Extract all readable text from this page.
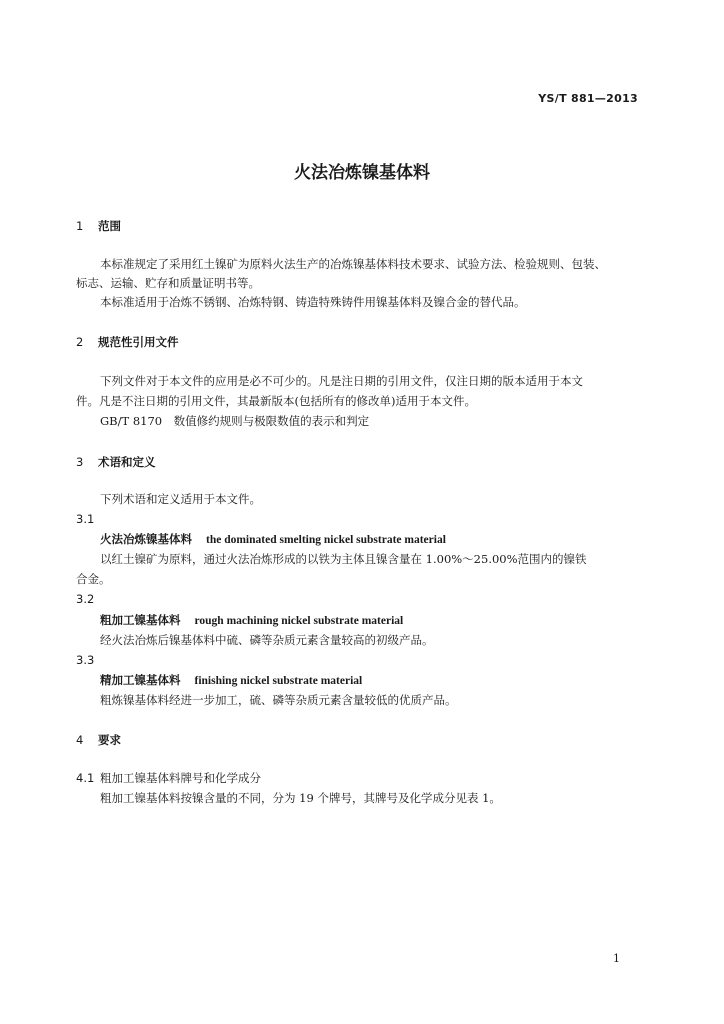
YS/T 881—2013
火法冶炼镍基体料
1 范围
本标准规定了采用红土镍矿为原料火法生产的冶炼镍基体料技术要求、试验方法、检验规则、包装、
标志、运输、贮存和质量证明书等。
本标准适用于冶炼不锈钢、冶炼特钢、铸造特殊铸件用镍基体料及镍合金的替代品。
2 规范性引用文件
下列文件对于本文件的应用是必不可少的。凡是注日期的引用文件，仅注日期的版本适用于本文
件。凡是不注日期的引用文件，其最新版本(包括所有的修改单)适用于本文件。
GB/T 8170　数值修约规则与极限数值的表示和判定
3 术语和定义
下列术语和定义适用于本文件。
3.1
火法冶炼镍基体料 the dominated smelting nickel substrate material
以红土镍矿为原料，通过火法冶炼形成的以铁为主体且镍含量在 1.00%～25.00%范围内的镍铁
合金。
3.2
粗加工镍基体料 rough machining nickel substrate material
经火法冶炼后镍基体料中硫、磷等杂质元素含量较高的初级产品。
3.3
精加工镍基体料 finishing nickel substrate material
粗炼镍基体料经进一步加工，硫、磷等杂质元素含量较低的优质产品。
4 要求
4.1 粗加工镍基体料牌号和化学成分
粗加工镍基体料按镍含量的不同，分为 19 个牌号，其牌号及化学成分见表 1。
1
